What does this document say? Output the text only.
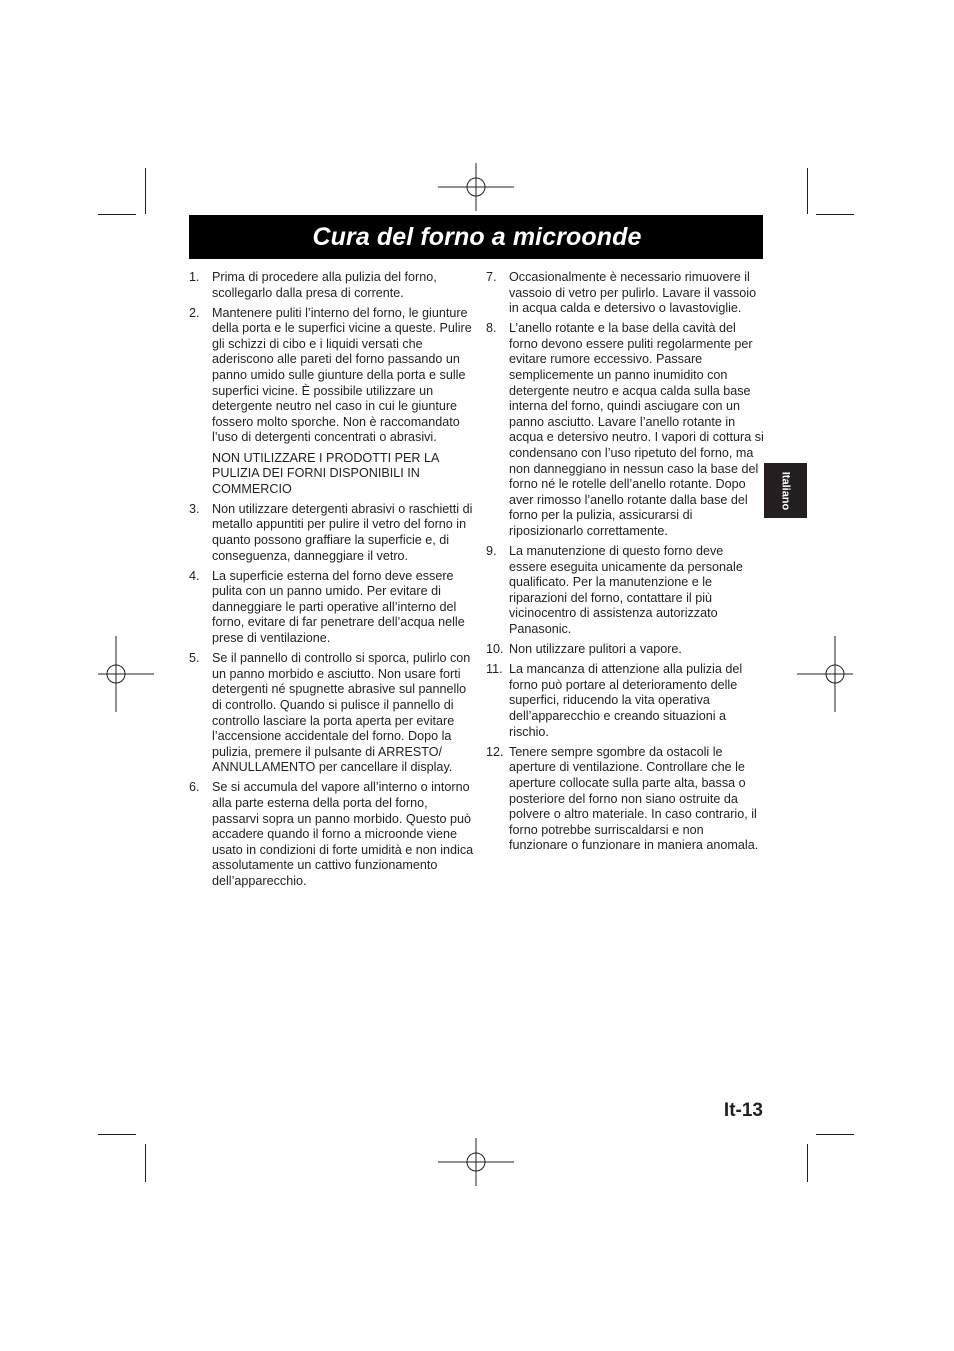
Cura del forno a microonde
1. Prima di procedere alla pulizia del forno, scollegarlo dalla presa di corrente.
2. Mantenere puliti l’interno del forno, le giunture della porta e le superfici vicine a queste. Pulire gli schizzi di cibo e i liquidi versati che aderiscono alle pareti del forno passando un panno umido sulle giunture della porta e sulle superfici vicine. È possibile utilizzare un detergente neutro nel caso in cui le giunture fossero molto sporche. Non è raccomandato l’uso di detergenti concentrati o abrasivi.
NON UTILIZZARE I PRODOTTI PER LA PULIZIA DEI FORNI DISPONIBILI IN COMMERCIO
3. Non utilizzare detergenti abrasivi o raschietti di metallo appuntiti per pulire il vetro del forno in quanto possono graffiare la superficie e, di conseguenza, danneggiare il vetro.
4. La superficie esterna del forno deve essere pulita con un panno umido. Per evitare di danneggiare le parti operative all’interno del forno, evitare di far penetrare dell’acqua nelle prese di ventilazione.
5. Se il pannello di controllo si sporca, pulirlo con un panno morbido e asciutto. Non usare forti detergenti né spugnette abrasive sul pannello di controllo. Quando si pulisce il pannello di controllo lasciare la porta aperta per evitare l’accensione accidentale del forno. Dopo la pulizia, premere il pulsante di ARRESTO/ ANNULLAMENTO per cancellare il display.
6. Se si accumula del vapore all’interno o intorno alla parte esterna della porta del forno, passarvi sopra un panno morbido. Questo può accadere quando il forno a microonde viene usato in condizioni di forte umidità e non indica assolutamente un cattivo funzionamento dell’apparecchio.
7. Occasionalmente è necessario rimuovere il vassoio di vetro per pulirlo. Lavare il vassoio in acqua calda e detersivo o lavastoviglie.
8. L’anello rotante e la base della cavità del forno devono essere puliti regolarmente per evitare rumore eccessivo. Passare semplicemente un panno inumidito con detergente neutro e acqua calda sulla base interna del forno, quindi asciugare con un panno asciutto. Lavare l’anello rotante in acqua e detersivo neutro. I vapori di cottura si condensano con l’uso ripetuto del forno, ma non danneggiano in nessun caso la base del forno né le rotelle dell’anello rotante. Dopo aver rimosso l’anello rotante dalla base del forno per la pulizia, assicurarsi di riposizionarlo correttamente.
9. La manutenzione di questo forno deve essere eseguita unicamente da personale qualificato. Per la manutenzione e le riparazioni del forno, contattare il più vicinocentro di assistenza autorizzato Panasonic.
10. Non utilizzare pulitori a vapore.
11. La mancanza di attenzione alla pulizia del forno può portare al deterioramento delle superfici, riducendo la vita operativa dell’apparecchio e creando situazioni a rischio.
12. Tenere sempre sgombre da ostacoli le aperture di ventilazione. Controllare che le aperture collocate sulla parte alta, bassa o posteriore del forno non siano ostruite da polvere o altro materiale. In caso contrario, il forno potrebbe surriscaldarsi e non funzionare o funzionare in maniera anomala.
Italiano
It-13
